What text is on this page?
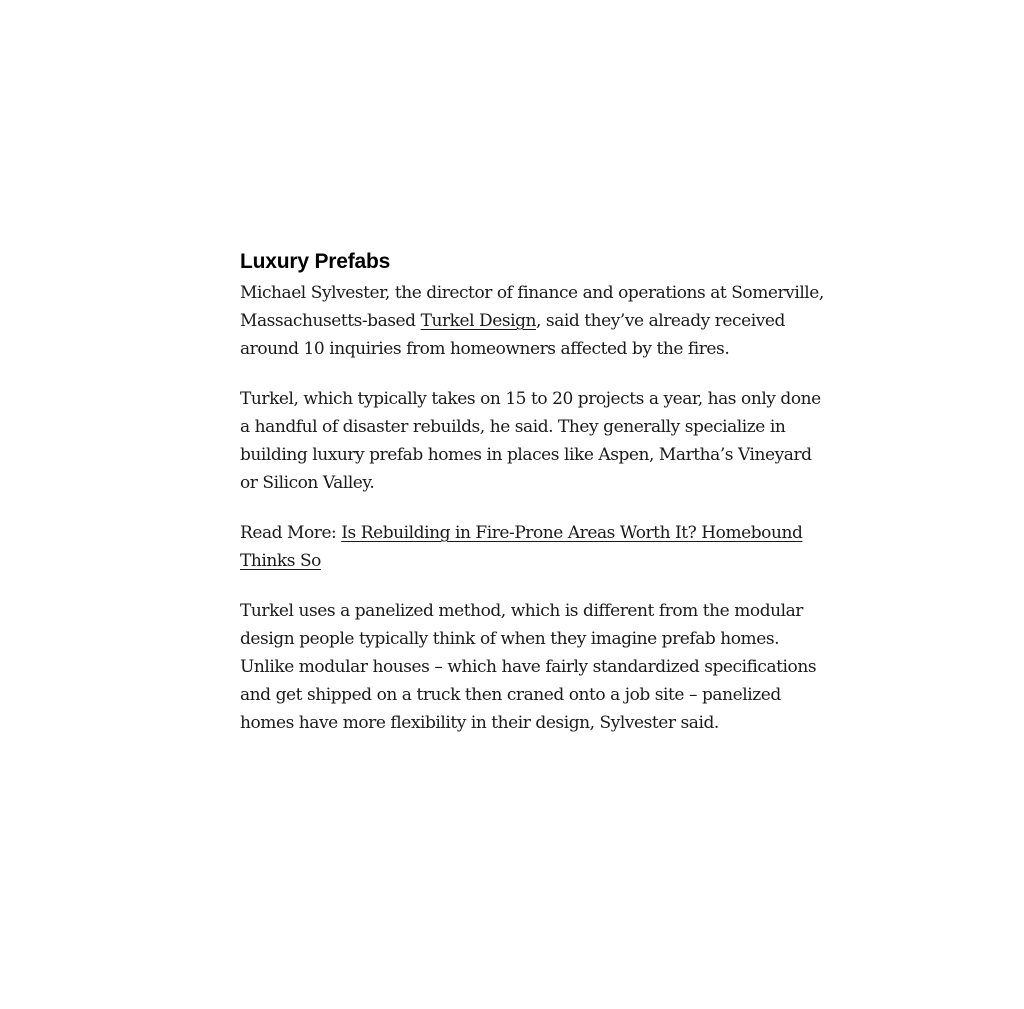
Luxury Prefabs

Michael Sylvester, the director of finance and operations at Somerville, Massachusetts-based Turkel Design, said they’ve already received around 10 inquiries from homeowners affected by the fires.

Turkel, which typically takes on 15 to 20 projects a year, has only done a handful of disaster rebuilds, he said. They generally specialize in building luxury prefab homes in places like Aspen, Martha’s Vineyard or Silicon Valley.

Read More: Is Rebuilding in Fire-Prone Areas Worth It? Homebound Thinks So

Turkel uses a panelized method, which is different from the modular design people typically think of when they imagine prefab homes. Unlike modular houses – which have fairly standardized specifications and get shipped on a truck then craned onto a job site – panelized homes have more flexibility in their design, Sylvester said.
